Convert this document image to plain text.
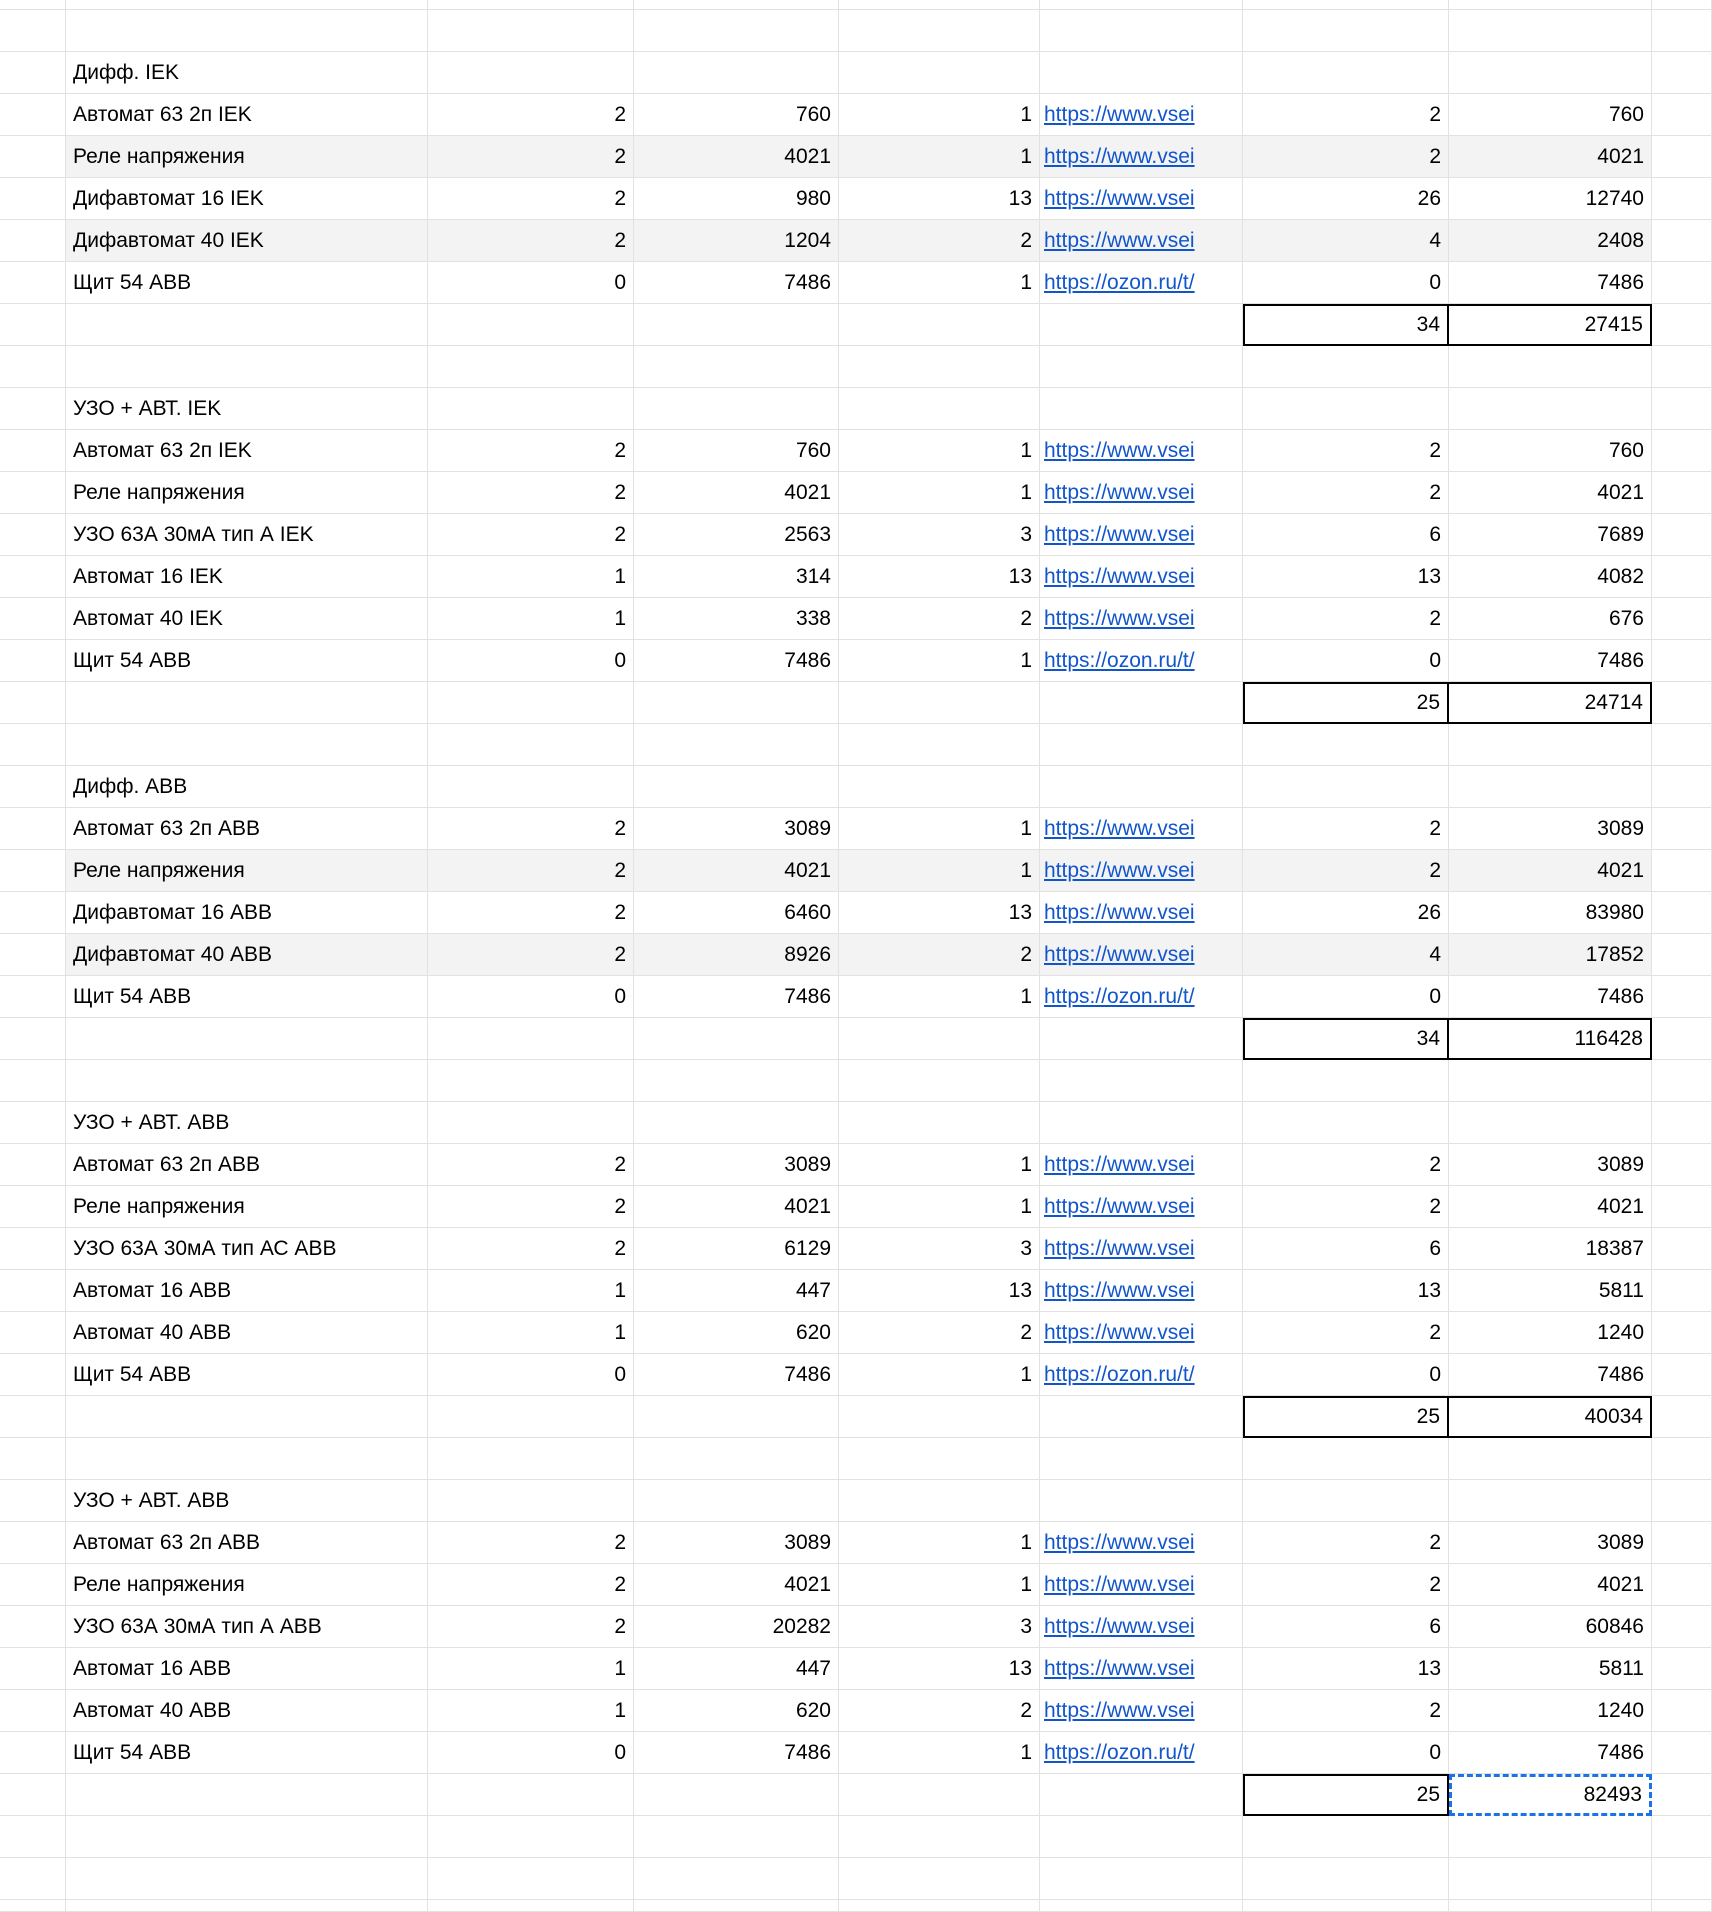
Дифф. IEK
Автомат 63 2п IEK	2	760	1 https://www.vsei	2	760
Реле напряжения	2	4021	1 https://www.vsei	2	4021
Дифавтомат 16 IEK	2	980	13 https://www.vsei	26	12740
Дифавтомат 40 IEK	2	1204	2 https://www.vsei	4	2408
Щит 54 АВВ	0	7486	1 https://ozon.ru/t/	0	7486
34	27415
УЗО + АВТ. IEK
Автомат 63 2п IEK	2	760	1 https://www.vsei	2	760
Реле напряжения	2	4021	1 https://www.vsei	2	4021
УЗО 63А 30мА тип А IEK	2	2563	3 https://www.vsei	6	7689
Автомат 16 IEK	1	314	13 https://www.vsei	13	4082
Автомат 40 IEK	1	338	2 https://www.vsei	2	676
Щит 54 АВВ	0	7486	1 https://ozon.ru/t/	0	7486
25	24714
Дифф. АВВ
Автомат 63 2п АВВ	2	3089	1 https://www.vsei	2	3089
Реле напряжения	2	4021	1 https://www.vsei	2	4021
Дифавтомат 16 АВВ	2	6460	13 https://www.vsei	26	83980
Дифавтомат 40 АВВ	2	8926	2 https://www.vsei	4	17852
Щит 54 АВВ	0	7486	1 https://ozon.ru/t/	0	7486
34	116428
УЗО + АВТ. АВВ
Автомат 63 2п АВВ	2	3089	1 https://www.vsei	2	3089
Реле напряжения	2	4021	1 https://www.vsei	2	4021
УЗО 63А 30мА тип АС АВВ	2	6129	3 https://www.vsei	6	18387
Автомат 16 АВВ	1	447	13 https://www.vsei	13	5811
Автомат 40 АВВ	1	620	2 https://www.vsei	2	1240
Щит 54 АВВ	0	7486	1 https://ozon.ru/t/	0	7486
25	40034
УЗО + АВТ. АВВ
Автомат 63 2п АВВ	2	3089	1 https://www.vsei	2	3089
Реле напряжения	2	4021	1 https://www.vsei	2	4021
УЗО 63А 30мА тип А АВВ	2	20282	3 https://www.vsei	6	60846
Автомат 16 АВВ	1	447	13 https://www.vsei	13	5811
Автомат 40 АВВ	1	620	2 https://www.vsei	2	1240
Щит 54 АВВ	0	7486	1 https://ozon.ru/t/	0	7486
25	82493
